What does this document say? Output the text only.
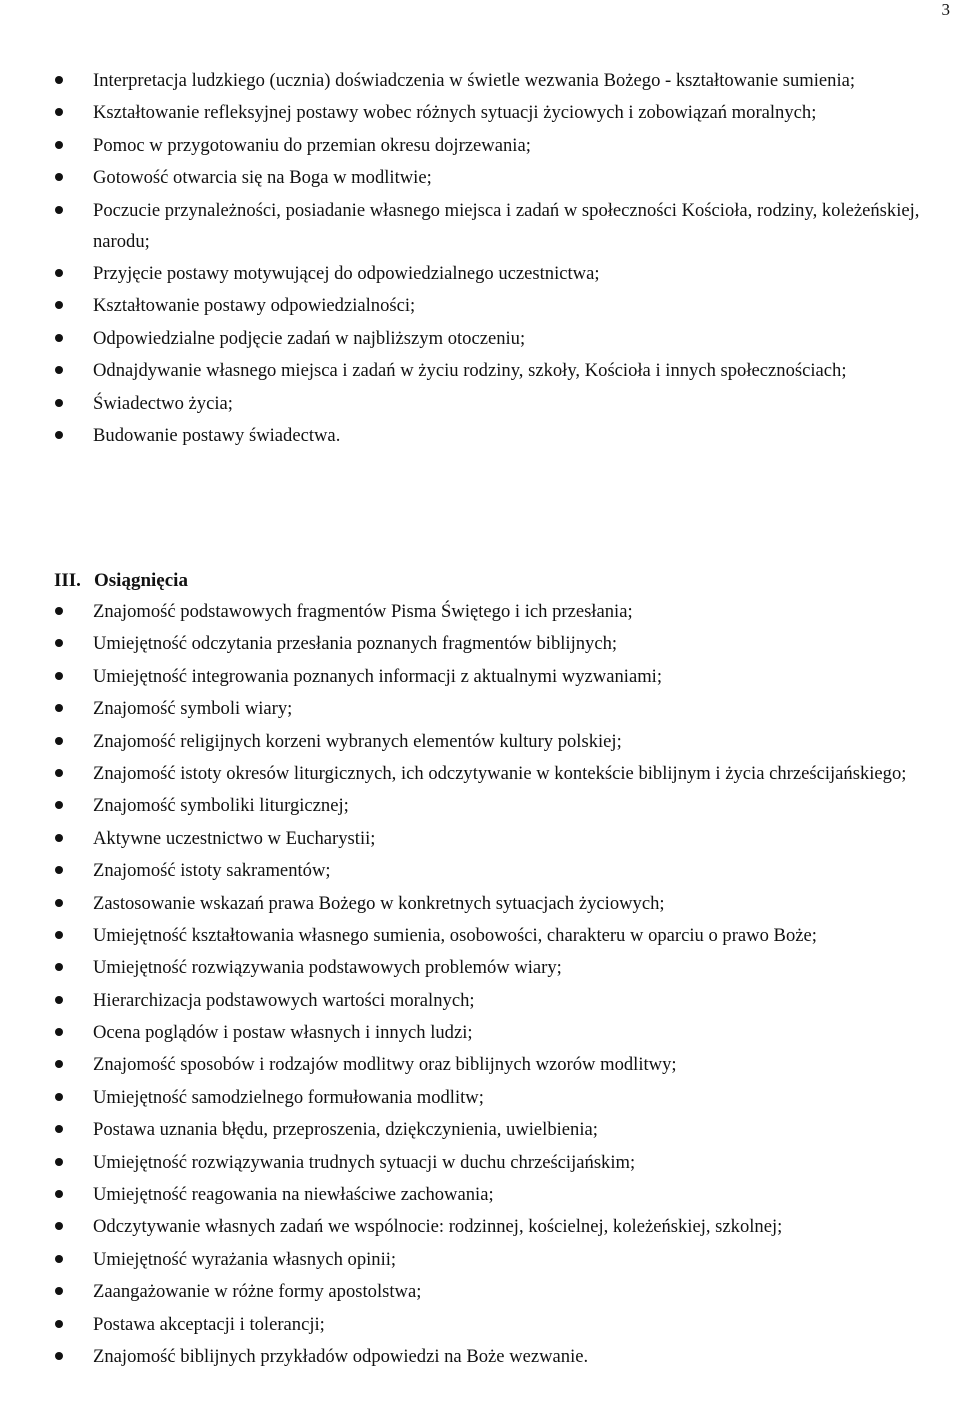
3
Interpretacja ludzkiego (ucznia) doświadczenia w świetle wezwania Bożego - kształtowanie sumienia;
Kształtowanie refleksyjnej postawy wobec różnych sytuacji życiowych i zobowiązań moralnych;
Pomoc w przygotowaniu do przemian okresu dojrzewania;
Gotowość otwarcia się na Boga w modlitwie;
Poczucie przynależności, posiadanie własnego miejsca i zadań w społeczności Kościoła, rodziny, koleżeńskiej, narodu;
Przyjęcie postawy motywującej do odpowiedzialnego uczestnictwa;
Kształtowanie postawy odpowiedzialności;
Odpowiedzialne podjęcie zadań w najbliższym otoczeniu;
Odnajdywanie własnego miejsca i zadań w życiu rodziny, szkoły, Kościoła i innych społecznościach;
Świadectwo życia;
Budowanie postawy świadectwa.
III. Osiągnięcia
Znajomość podstawowych fragmentów Pisma Świętego i ich przesłania;
Umiejętność odczytania przesłania poznanych fragmentów biblijnych;
Umiejętność integrowania poznanych informacji z aktualnymi wyzwaniami;
Znajomość symboli wiary;
Znajomość religijnych korzeni wybranych elementów kultury polskiej;
Znajomość istoty okresów liturgicznych, ich odczytywanie w kontekście biblijnym i życia chrześcijańskiego;
Znajomość symboliki liturgicznej;
Aktywne uczestnictwo w Eucharystii;
Znajomość istoty sakramentów;
Zastosowanie wskazań prawa Bożego w konkretnych sytuacjach życiowych;
Umiejętność kształtowania własnego sumienia, osobowości, charakteru w oparciu o prawo Boże;
Umiejętność rozwiązywania podstawowych problemów wiary;
Hierarchizacja podstawowych wartości moralnych;
Ocena poglądów i postaw własnych i innych ludzi;
Znajomość sposobów i rodzajów modlitwy oraz biblijnych wzorów modlitwy;
Umiejętność samodzielnego formułowania modlitw;
Postawa uznania błędu, przeproszenia, dziękczynienia, uwielbienia;
Umiejętność rozwiązywania trudnych sytuacji w duchu chrześcijańskim;
Umiejętność reagowania na niewłaściwe zachowania;
Odczytywanie własnych zadań we wspólnocie: rodzinnej, kościelnej, koleżeńskiej, szkolnej;
Umiejętność wyrażania własnych opinii;
Zaangażowanie w różne formy apostolstwa;
Postawa akceptacji i tolerancji;
Znajomość biblijnych przykładów odpowiedzi na Boże wezwanie.
